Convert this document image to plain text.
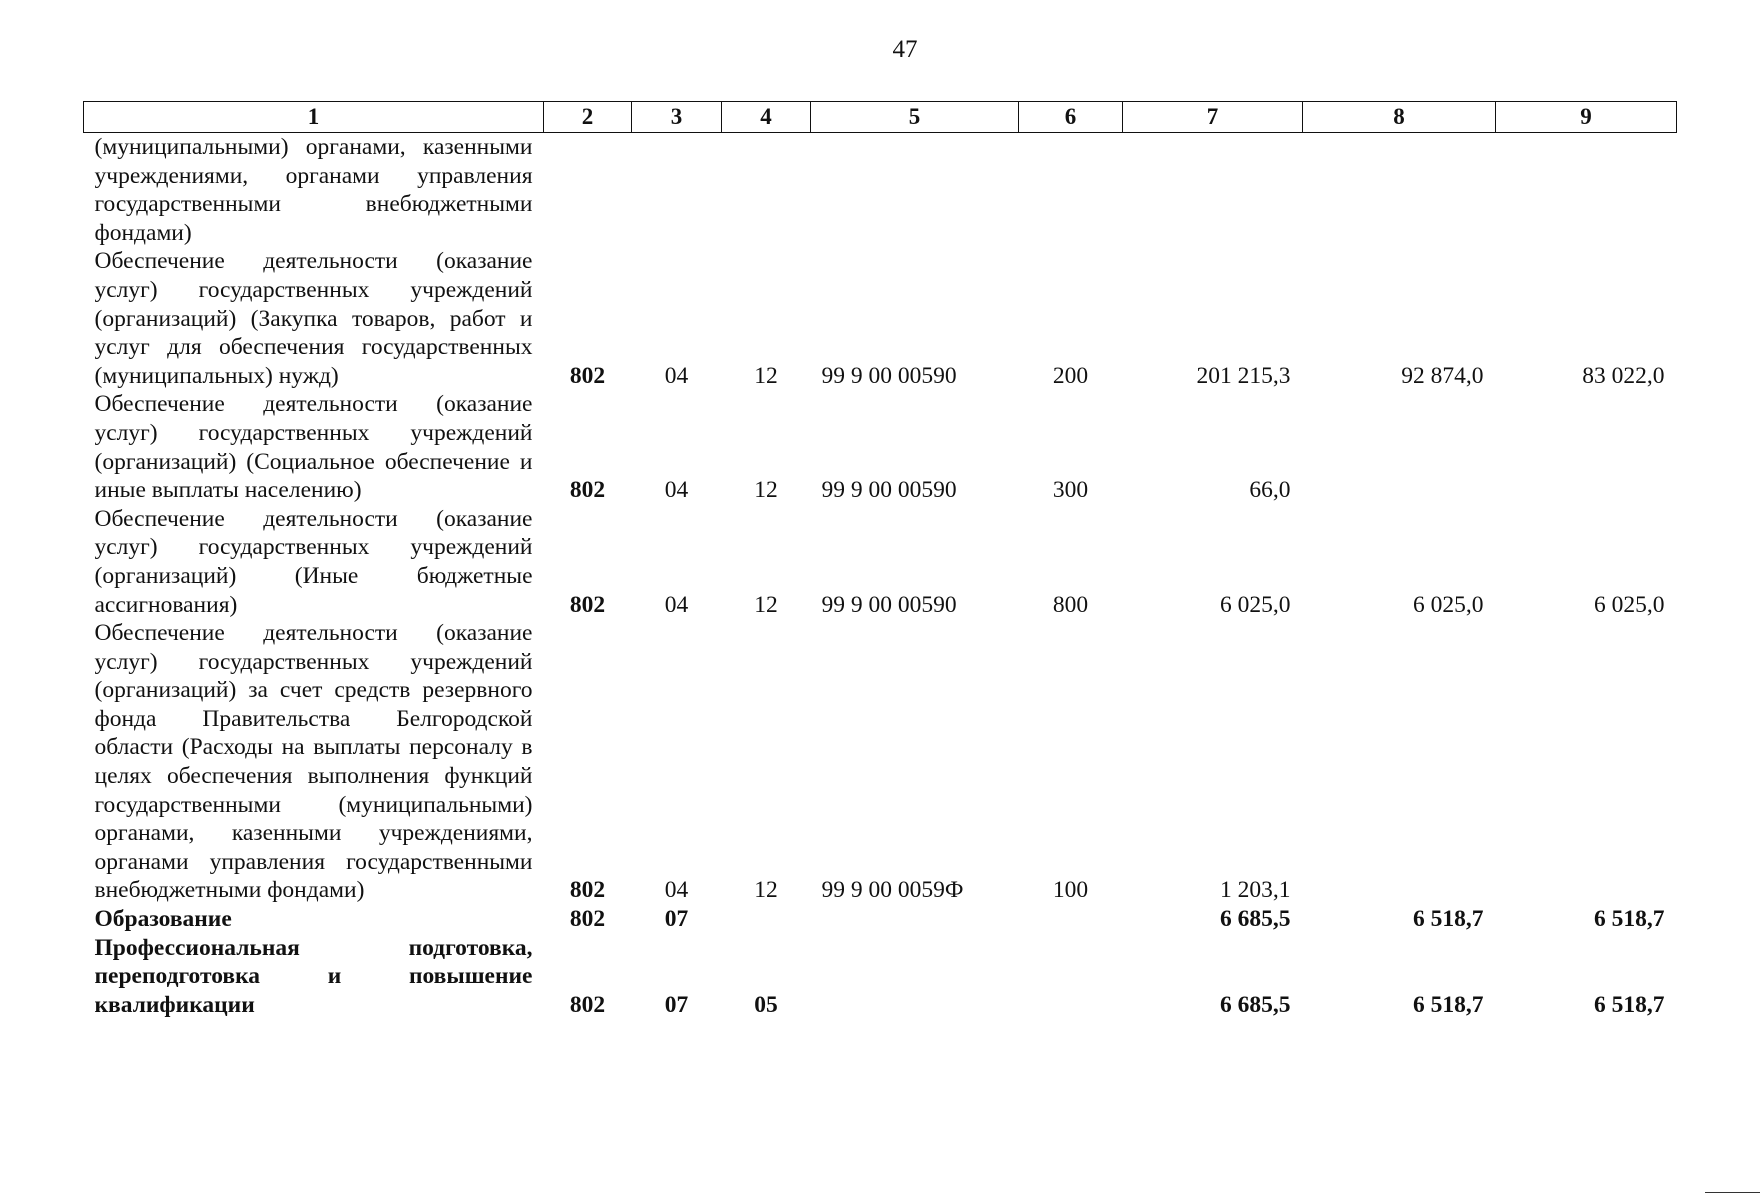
47
1	2	3	4	5	6	7	8	9
(муниципальными) органами, казенными учреждениями, органами управления государственными внебюджетными фондами)								
Обеспечение деятельности (оказание услуг) государственных учреждений (организаций) (Закупка товаров, работ и услуг для обеспечения государственных (муниципальных) нужд)	802	04	12	99 9 00 00590	200	201 215,3	92 874,0	83 022,0
Обеспечение деятельности (оказание услуг) государственных учреждений (организаций) (Социальное обеспечение и иные выплаты населению)	802	04	12	99 9 00 00590	300	66,0		
Обеспечение деятельности (оказание услуг) государственных учреждений (организаций) (Иные бюджетные ассигнования)	802	04	12	99 9 00 00590	800	6 025,0	6 025,0	6 025,0
Обеспечение деятельности (оказание услуг) государственных учреждений (организаций) за счет средств резервного фонда Правительства Белгородской области (Расходы на выплаты персоналу в целях обеспечения выполнения функций государственными (муниципальными) органами, казенными учреждениями, органами управления государственными внебюджетными фондами)	802	04	12	99 9 00 0059Ф	100	1 203,1		
Образование	802	07				6 685,5	6 518,7	6 518,7
Профессиональная подготовка, переподготовка и повышение квалификации	802	07	05			6 685,5	6 518,7	6 518,7
